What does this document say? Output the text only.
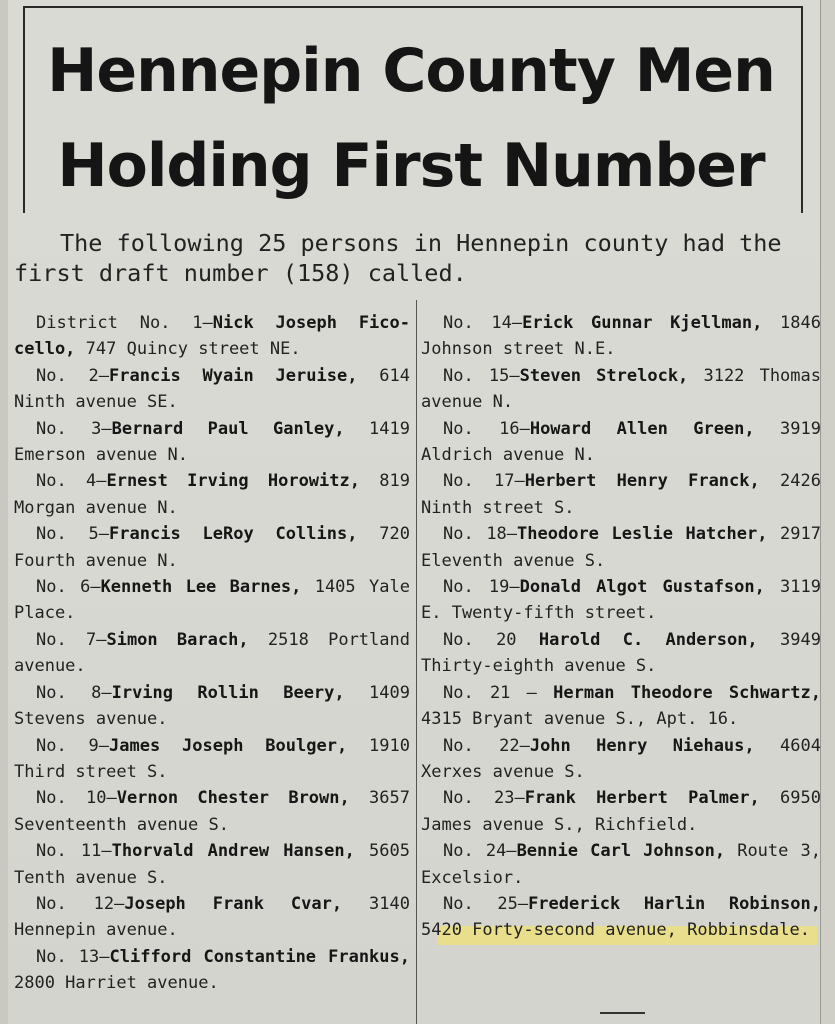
Hennepin County Men
Holding First Number
The following 25 persons in Hennepin county had the
first draft number (158) called.

District No. 1—Nick Joseph Fico-cello, 747 Quincy street NE.

No. 2—Francis Wyain Jeruise, 614 Ninth avenue SE.

No. 3—Bernard Paul Ganley, 1419 Emerson avenue N.

No. 4—Ernest Irving Horowitz, 819 Morgan avenue N.

No. 5—Francis LeRoy Collins, 720 Fourth avenue N.

No. 6—Kenneth Lee Barnes, 1405 Yale Place.

No. 7—Simon Barach, 2518 Portland avenue.

No. 8—Irving Rollin Beery, 1409 Stevens avenue.

No. 9—James Joseph Boulger, 1910 Third street S.

No. 10—Vernon Chester Brown, 3657 Seventeenth avenue S.

No. 11—Thorvald Andrew Hansen, 5605 Tenth avenue S.

No. 12—Joseph Frank Cvar, 3140 Hennepin avenue.

No. 13—Clifford Constantine Frankus, 2800 Harriet avenue.

No. 14—Erick Gunnar Kjellman, 1846 Johnson street N.E.

No. 15—Steven Strelock, 3122 Thomas avenue N.

No. 16—Howard Allen Green, 3919 Aldrich avenue N.

No. 17—Herbert Henry Franck, 2426 Ninth street S.

No. 18—Theodore Leslie Hatcher, 2917 Eleventh avenue S.

No. 19—Donald Algot Gustafson, 3119 E. Twenty-fifth street.

No. 20 Harold C. Anderson, 3949 Thirty-eighth avenue S.

No. 21 — Herman Theodore Schwartz, 4315 Bryant avenue S., Apt. 16.

No. 22—John Henry Niehaus, 4604 Xerxes avenue S.

No. 23—Frank Herbert Palmer, 6950 James avenue S., Richfield.

No. 24—Bennie Carl Johnson, Route 3, Excelsior.

No. 25—Frederick Harlin Robinson, 5420 Forty-second avenue, Robbinsdale.
